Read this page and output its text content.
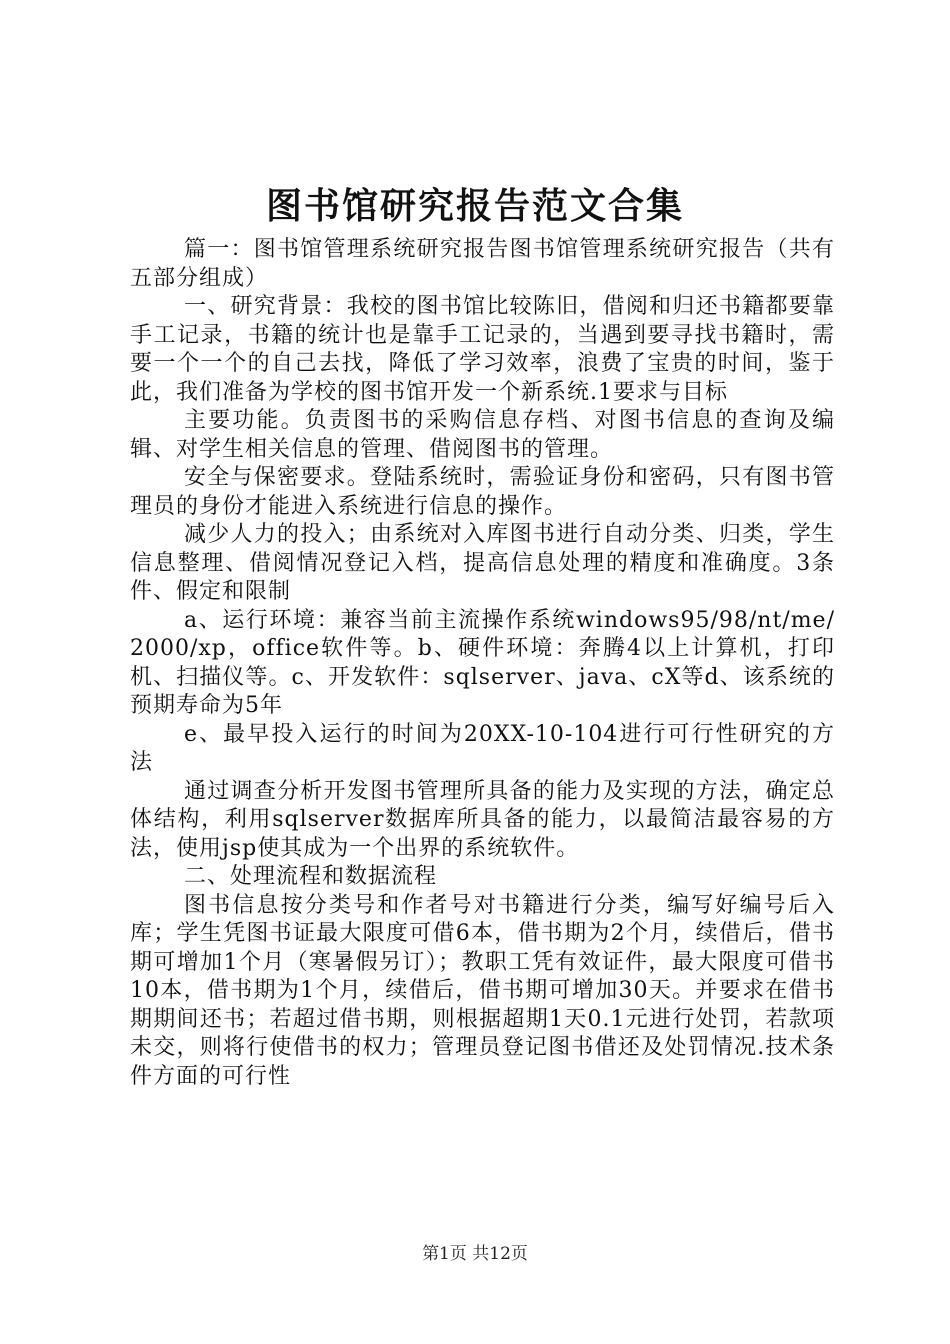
图书馆研究报告范文合集

篇一：图书馆管理系统研究报告图书馆管理系统研究报告（共有五部分组成）

一、研究背景：我校的图书馆比较陈旧，借阅和归还书籍都要靠手工记录，书籍的统计也是靠手工记录的，当遇到要寻找书籍时，需要一个一个的自己去找，降低了学习效率，浪费了宝贵的时间，鉴于此，我们准备为学校的图书馆开发一个新系统.1要求与目标

主要功能。负责图书的采购信息存档、对图书信息的查询及编辑、对学生相关信息的管理、借阅图书的管理。

安全与保密要求。登陆系统时，需验证身份和密码，只有图书管理员的身份才能进入系统进行信息的操作。

减少人力的投入；由系统对入库图书进行自动分类、归类，学生信息整理、借阅情况登记入档，提高信息处理的精度和准确度。3条件、假定和限制

a、运行环境：兼容当前主流操作系统windows95/98/nt/me/2000/xp，office软件等。b、硬件环境：奔腾4以上计算机，打印机、扫描仪等。c、开发软件：sqlserver、java、cX等d、该系统的预期寿命为5年

e、最早投入运行的时间为20XX-10-104进行可行性研究的方法

通过调查分析开发图书管理所具备的能力及实现的方法，确定总体结构，利用sqlserver数据库所具备的能力，以最简洁最容易的方法，使用jsp使其成为一个出界的系统软件。

二、处理流程和数据流程

图书信息按分类号和作者号对书籍进行分类，编写好编号后入库；学生凭图书证最大限度可借6本，借书期为2个月，续借后，借书期可增加1个月（寒暑假另订）；教职工凭有效证件，最大限度可借书10本，借书期为1个月，续借后，借书期可增加30天。并要求在借书期期间还书；若超过借书期，则根据超期1天0.1元进行处罚，若款项未交，则将行使借书的权力；管理员登记图书借还及处罚情况.技术条件方面的可行性

第1页 共12页
